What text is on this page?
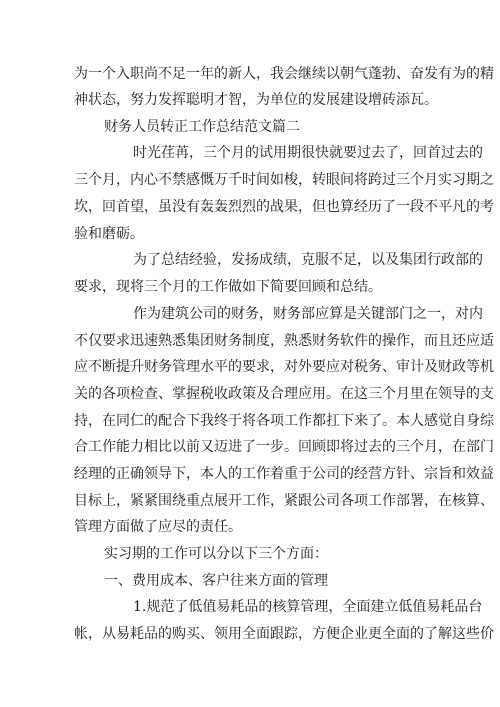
为一个入职尚不足一年的新人，我会继续以朝气蓬勃、奋发有为的精
神状态，努力发挥聪明才智，为单位的发展建设增砖添瓦。
财务人员转正工作总结范文篇二
时光荏苒，三个月的试用期很快就要过去了，回首过去的
三个月，内心不禁感慨万千时间如梭，转眼间将跨过三个月实习期之
坎，回首望，虽没有轰轰烈烈的战果，但也算经历了一段不平凡的考
验和磨砺。
为了总结经验，发扬成绩，克服不足，以及集团行政部的
要求，现将三个月的工作做如下简要回顾和总结。
作为建筑公司的财务，财务部应算是关键部门之一，对内
不仅要求迅速熟悉集团财务制度，熟悉财务软件的操作，而且还应适
应不断提升财务管理水平的要求，对外要应对税务、审计及财政等机
关的各项检查、掌握税收政策及合理应用。在这三个月里在领导的支
持，在同仁的配合下我终于将各项工作都扛下来了。本人感觉自身综
合工作能力相比以前又迈进了一步。回顾即将过去的三个月，在部门
经理的正确领导下，本人的工作着重于公司的经营方针、宗旨和效益
目标上，紧紧围绕重点展开工作，紧跟公司各项工作部署，在核算、
管理方面做了应尽的责任。
实习期的工作可以分以下三个方面：
一、费用成本、客户往来方面的管理
1.规范了低值易耗品的核算管理，全面建立低值易耗品台
帐，从易耗品的购买、领用全面跟踪，方便企业更全面的了解这些价
